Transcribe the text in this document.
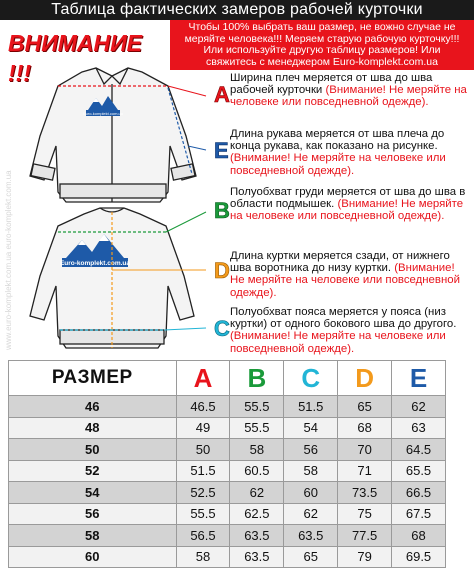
Таблица фактических замеров рабочей курточки
ВНИМАНИЕ !!!
Чтобы 100% выбрать ваш размер, не вожно случае не
меряйте человека!!! Меряем старую рабочую курточку!!!
Или используйте другую таблицу размеров! Или
свяжитесь с менеджером Euro-komplekt.com.ua
www.euro-komplekt.com.ua euro-komplekt.com.ua
Euro-komplekt.com.ua
Euro-komplekt.com.ua
A
E
B
D
C
Ширина плеч меряется от шва до шва рабочей курточки (Внимание! Не меряйте на человеке или повседневной одежде).
Длина рукава меряется от шва плеча до конца рукава, как показано на рисунке. (Внимание! Не меряйте на человеке или повседневной одежде).
Полуобхват груди меряется от шва до шва в области подмышек. (Внимание! Не меряйте на человеке или повседневной одежде).
Длина куртки меряется сзади, от нижнего шва воротника до низу куртки. (Внимание! Не меряйте на человеке или повседневной одежде).
Полуобхват пояса меряется у пояса (низ куртки) от одного бокового шва до другого. (Внимание! Не меряйте на человеке или повседневной одежде).
РАЗМЕР	A	B	C	D	E
46	46.5	55.5	51.5	65	62
48	49	55.5	54	68	63
50	50	58	56	70	64.5
52	51.5	60.5	58	71	65.5
54	52.5	62	60	73.5	66.5
56	55.5	62.5	62	75	67.5
58	56.5	63.5	63.5	77.5	68
60	58	63.5	65	79	69.5
